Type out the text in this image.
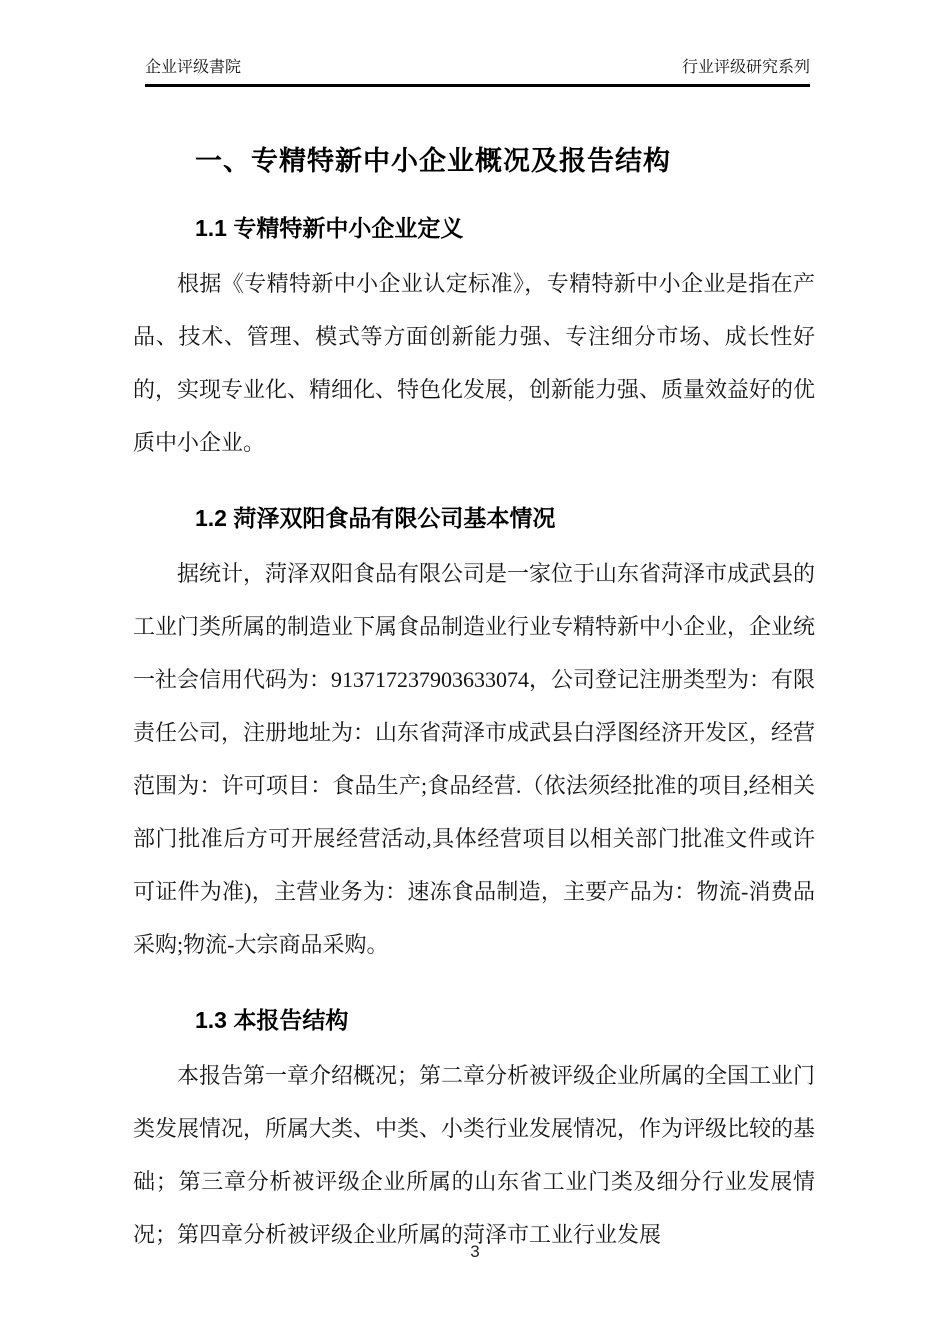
企业评级書院	行业评级研究系列
一、专精特新中小企业概况及报告结构
1.1 专精特新中小企业定义

根据《专精特新中小企业认定标准》，专精特新中小企业是指在产品、技术、管理、模式等方面创新能力强、专注细分市场、成长性好的，实现专业化、精细化、特色化发展，创新能力强、质量效益好的优质中小企业。

1.2 菏泽双阳食品有限公司基本情况

据统计，菏泽双阳食品有限公司是一家位于山东省菏泽市成武县的工业门类所属的制造业下属食品制造业行业专精特新中小企业，企业统一社会信用代码为：913717237903633074，公司登记注册类型为：有限责任公司，注册地址为：山东省菏泽市成武县白浮图经济开发区，经营范围为：许可项目：食品生产;食品经营.（依法须经批准的项目,经相关部门批准后方可开展经营活动,具体经营项目以相关部门批准文件或许可证件为准)，主营业务为：速冻食品制造，主要产品为：物流-消费品采购;物流-大宗商品采购。

1.3 本报告结构

本报告第一章介绍概况；第二章分析被评级企业所属的全国工业门类发展情况，所属大类、中类、小类行业发展情况，作为评级比较的基础；第三章分析被评级企业所属的山东省工业门类及细分行业发展情况；第四章分析被评级企业所属的菏泽市工业行业发展

3
